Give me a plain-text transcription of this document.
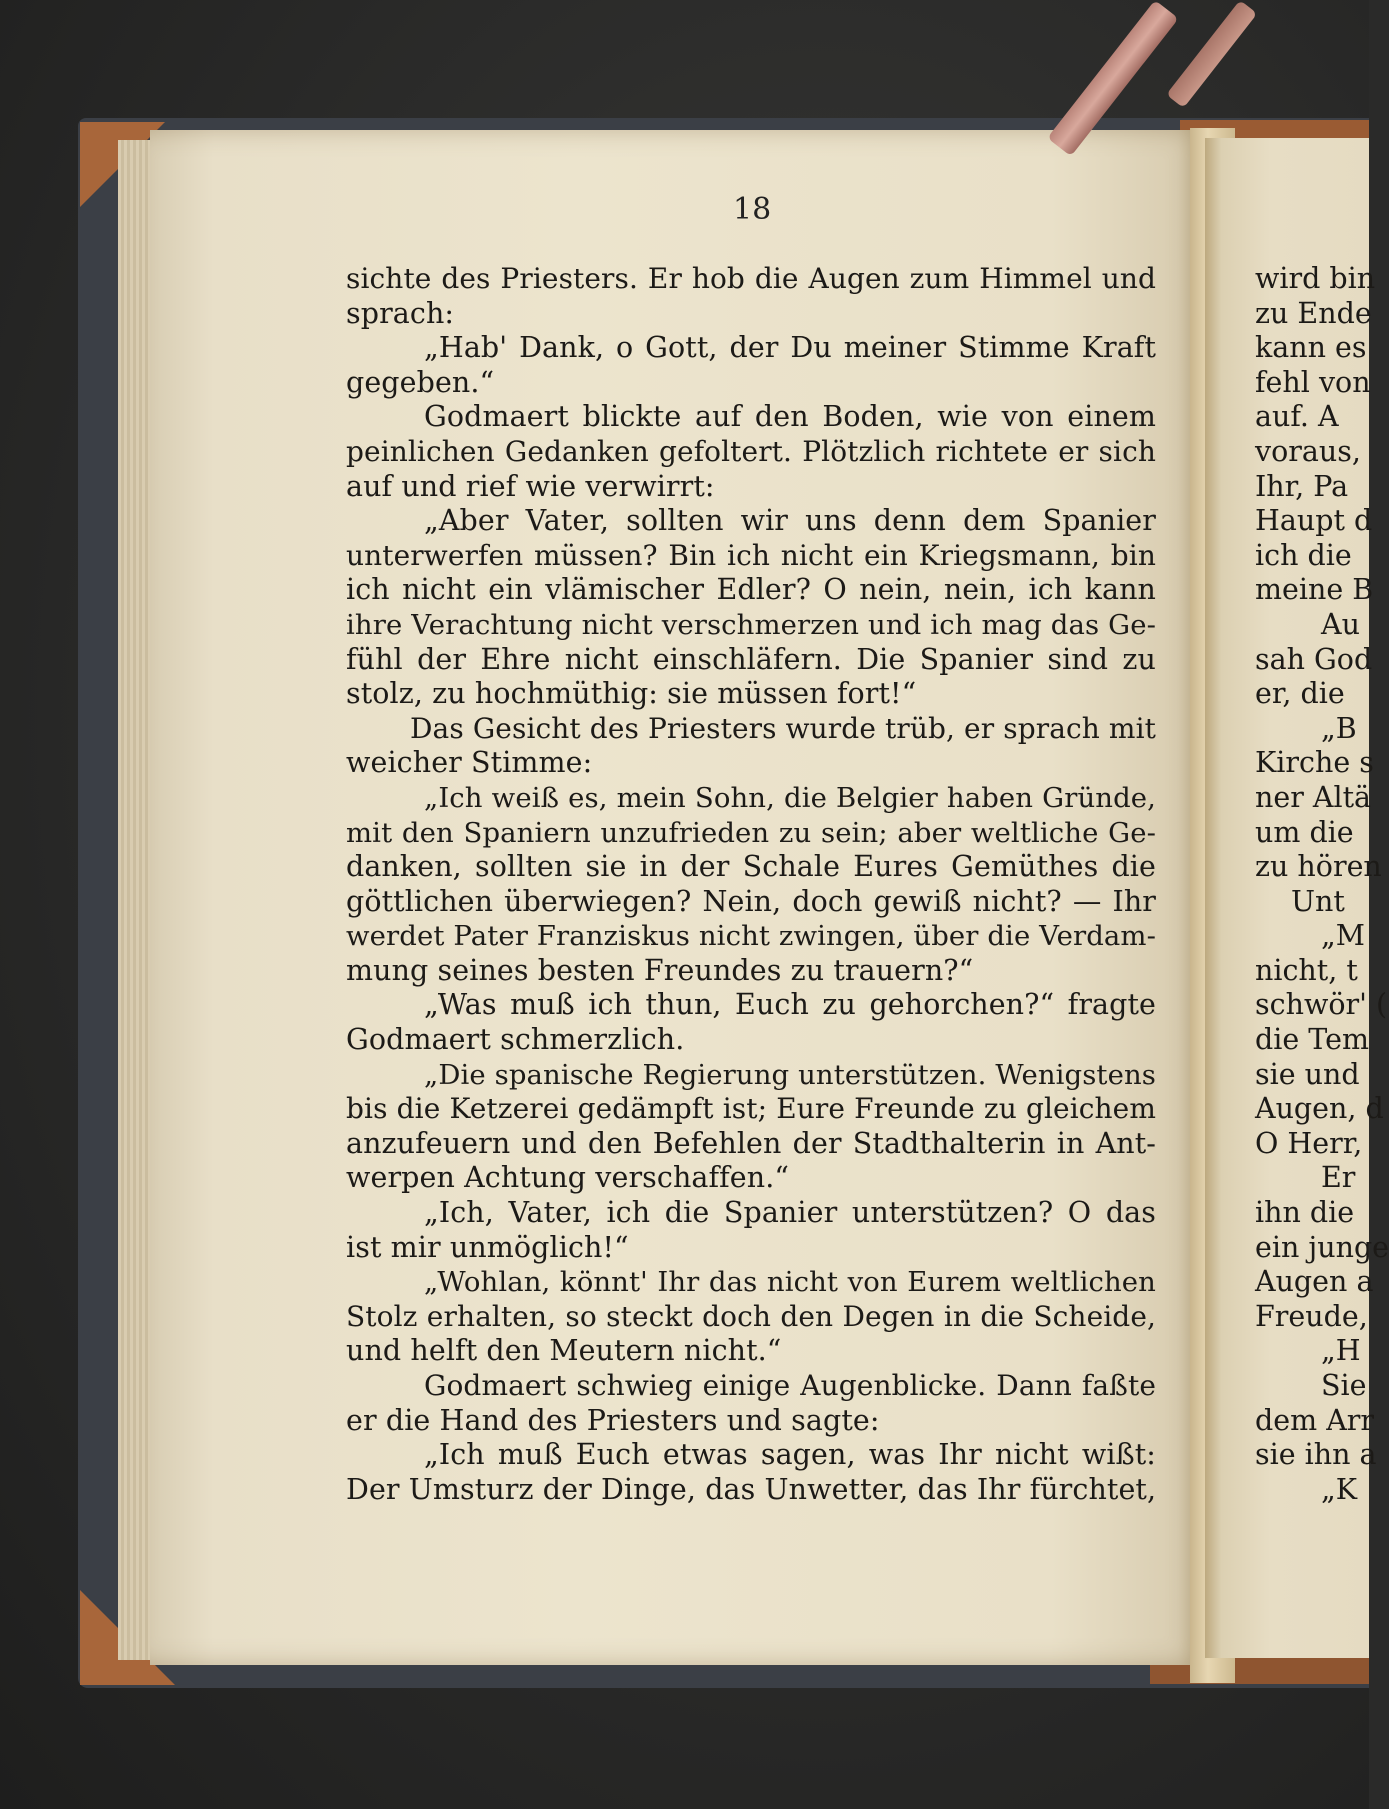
18
sichte des Priesters. Er hob die Augen zum Himmel und
sprach:
„Hab' Dank, o Gott, der Du meiner Stimme Kraft
gegeben.“
Godmaert blickte auf den Boden, wie von einem
peinlichen Gedanken gefoltert. Plötzlich richtete er sich
auf und rief wie verwirrt:
„Aber Vater, sollten wir uns denn dem Spanier
unterwerfen müssen? Bin ich nicht ein Kriegsmann, bin
ich nicht ein vlämischer Edler? O nein, nein, ich kann
ihre Verachtung nicht verschmerzen und ich mag das Ge-
fühl der Ehre nicht einschläfern. Die Spanier sind zu
stolz, zu hochmüthig: sie müssen fort!“
Das Gesicht des Priesters wurde trüb, er sprach mit
weicher Stimme:
„Ich weiß es, mein Sohn, die Belgier haben Gründe,
mit den Spaniern unzufrieden zu sein; aber weltliche Ge-
danken, sollten sie in der Schale Eures Gemüthes die
göttlichen überwiegen? Nein, doch gewiß nicht? — Ihr
werdet Pater Franziskus nicht zwingen, über die Verdam-
mung seines besten Freundes zu trauern?“
„Was muß ich thun, Euch zu gehorchen?“ fragte
Godmaert schmerzlich.
„Die spanische Regierung unterstützen. Wenigstens
bis die Ketzerei gedämpft ist; Eure Freunde zu gleichem
anzufeuern und den Befehlen der Stadthalterin in Ant-
werpen Achtung verschaffen.“
„Ich, Vater, ich die Spanier unterstützen? O das
ist mir unmöglich!“
„Wohlan, könnt' Ihr das nicht von Eurem weltlichen
Stolz erhalten, so steckt doch den Degen in die Scheide,
und helft den Meutern nicht.“
Godmaert schwieg einige Augenblicke. Dann faßte
er die Hand des Priesters und sagte:
„Ich muß Euch etwas sagen, was Ihr nicht wißt:
Der Umsturz der Dinge, das Unwetter, das Ihr fürchtet,
wird bin
zu Ende
kann es
fehl von
auf. A
voraus,
Ihr, Pa
Haupt d
ich die
meine B
Au
sah God
er, die
„B
Kirche s
ner Altä
um die
zu hören
Unt
„M
nicht, t
schwör' (
die Tem
sie und
Augen, d
O Herr,
Er
ihn die
ein junge
Augen a
Freude,
„H
Sie
dem Arr
sie ihn a
„K
